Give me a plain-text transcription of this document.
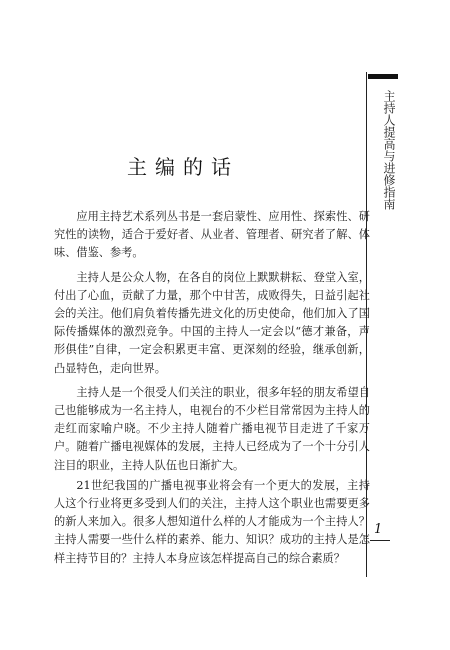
主持人提高与进修指南
主编的话

应用主持艺术系列丛书是一套启蒙性、应用性、探索性、研究性的读物，适合于爱好者、从业者、管理者、研究者了解、体味、借鉴、参考。

主持人是公众人物，在各自的岗位上默默耕耘、登堂入室，付出了心血，贡献了力量，那个中甘苦，成败得失，日益引起社会的关注。他们肩负着传播先进文化的历史使命，他们加入了国际传播媒体的激烈竞争。中国的主持人一定会以“德才兼备，声形俱佳”自律，一定会积累更丰富、更深刻的经验，继承创新，凸显特色，走向世界。

主持人是一个很受人们关注的职业，很多年轻的朋友希望自己也能够成为一名主持人，电视台的不少栏目常常因为主持人的走红而家喻户晓。不少主持人随着广播电视节目走进了千家万户。随着广播电视媒体的发展，主持人已经成为了一个十分引人注目的职业，主持人队伍也日渐扩大。

21世纪我国的广播电视事业将会有一个更大的发展，主持人这个行业将更多受到人们的关注，主持人这个职业也需要更多的新人来加入。很多人想知道什么样的人才能成为一个主持人？主持人需要一些什么样的素养、能力、知识？成功的主持人是怎样主持节目的？主持人本身应该怎样提高自己的综合素质？

1
